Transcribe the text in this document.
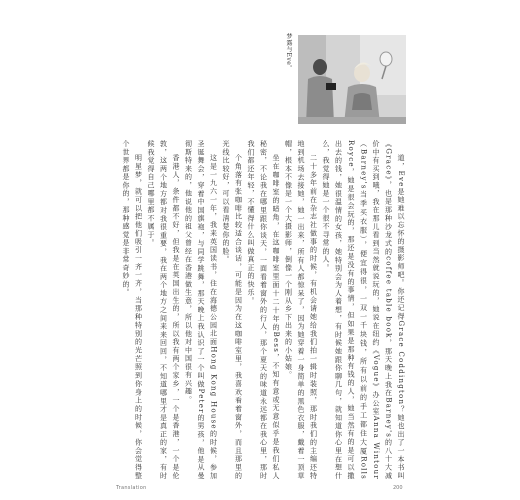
梦露与Eve。

道，Eve是她难以忘怀的摄影师吧。你还记得Grace Coddington？她也出了一本书叫《Grace》，也是那种沙龙式的coffee table book，那天晚上我在Barney's的八十大减价中有买到哦，我在那儿看到当然就说玩的，她说在纽约《Vogue》办公室Anna Wintour（Barney's当季买衣服），便宜得很，一双一千块钱，所有以前的手工都住大厦Rolls Royce，她是很会玩的，那还是没有的事情，但如果是那种有钱的人，她当然有的是可以撒出去的钱，她很温情的女孩，她特别会为人着想，有时候她跟你聊几句，就知道你心里在想什么，我觉得她是一个很不寻常的人。

二十多年前在杂志社做事的时候，有机会请她给我们拍一辑时装照，那时我们的主编还特地到机场去接她，她一出来，所有人都惊呆了，因为她穿着一身简单的黑色衣服，戴着一顶草帽，根本不像是一个大摄影师，倒像一个刚从乡下出来的小姑娘。

坐在咖啡室的暗角，在这咖啡室里面十二十年的Bess，不知有意或无意似乎是我们私人秘密，不论我在哪里跟你谈天，一面看着窗外的行人，那个夏天的味道永远都在我心里，那时我们都还年轻，不懂得什么叫做真正的快乐。

个角落有张咖啡比较适合谈话，可能是因为在这咖啡室里，我喜欢看着窗外，而且那里的光线比较好，可以看清楚你的脸。

这是一九六一年，我来英国读书，住在海德公园北面Hong Kong House的时候，参加圣诞舞会，穿着中国旗袍，与同学跳舞，那天晚上我认识了一个叫做Peter的男孩，他是从曼彻斯特来的，他说他的祖父曾经在香港做生意，所以他对中国很有兴趣。

香港人，条件都不好，但我是在英国出生的，所以我有两个家乡，一个是香港，一个是伦敦，这两个地方都对我很重要，我在两个地方之间来来回回，不知道哪里才是真正的家，有时候我觉得自己哪里都不属于。

明星梦，就可以把他们吸引一齐一齐，当那种特别的光芒照到你身上的时候，你会觉得整个世界都是你的，那种感觉是非常奇妙的。

Translation	200
